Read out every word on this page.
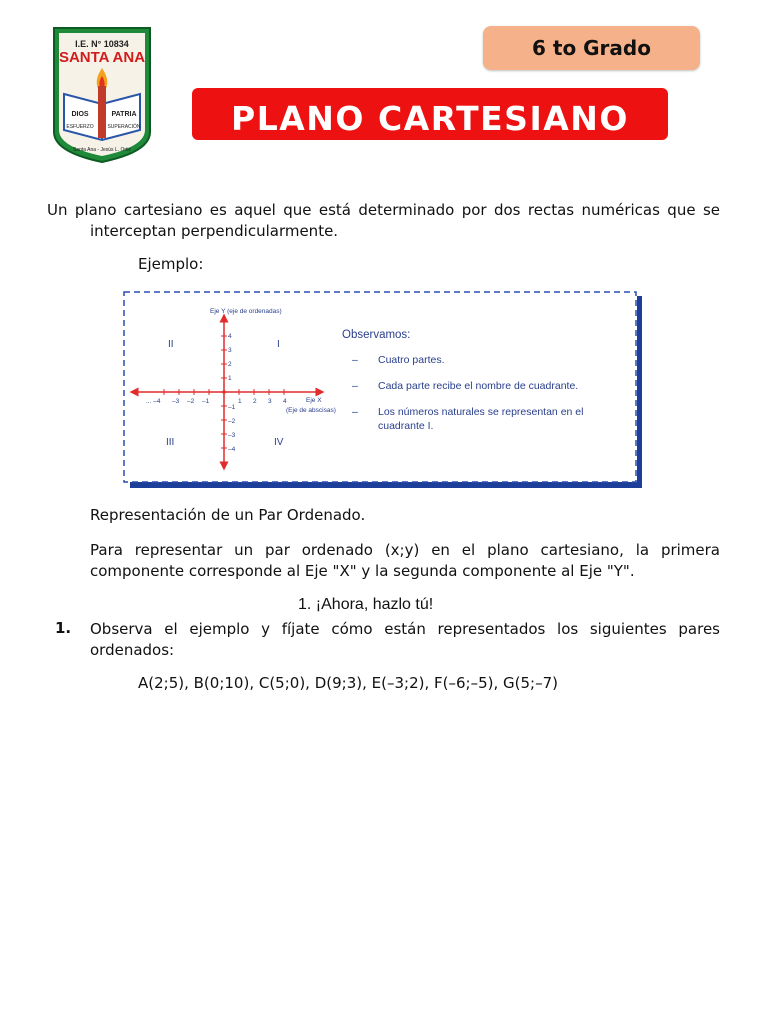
I.E. N° 10834
SANTA ANA
DIOS	PATRIA
ESFUERZO	SUPERACIÓN
Santa Ana - Jesús L. Ortiz
6 to Grado
PLANO CARTESIANO
Un plano cartesiano es aquel que está determinado por dos rectas numéricas que se
interceptan perpendicularmente.
Ejemplo:
Eje Y (eje de ordenadas)
Eje X
(Eje de abscisas)
... –4 –3 –2 –1	1 2 3 4
4
3
2
1
–1
–2
–3
–4
II	I
III	IV
Observamos:
– Cuatro partes.
– Cada parte recibe el nombre de cuadrante.
– Los números naturales se representan en el
cuadrante I.
Representación de un Par Ordenado.
Para representar un par ordenado (x;y) en el plano cartesiano, la primera
componente corresponde al Eje "X" y la segunda componente al Eje "Y".
1. ¡Ahora, hazlo tú!
1. Observa el ejemplo y fíjate cómo están representados los siguientes pares
ordenados:
A(2;5), B(0;10), C(5;0), D(9;3), E(–3;2), F(–6;–5), G(5;–7)
